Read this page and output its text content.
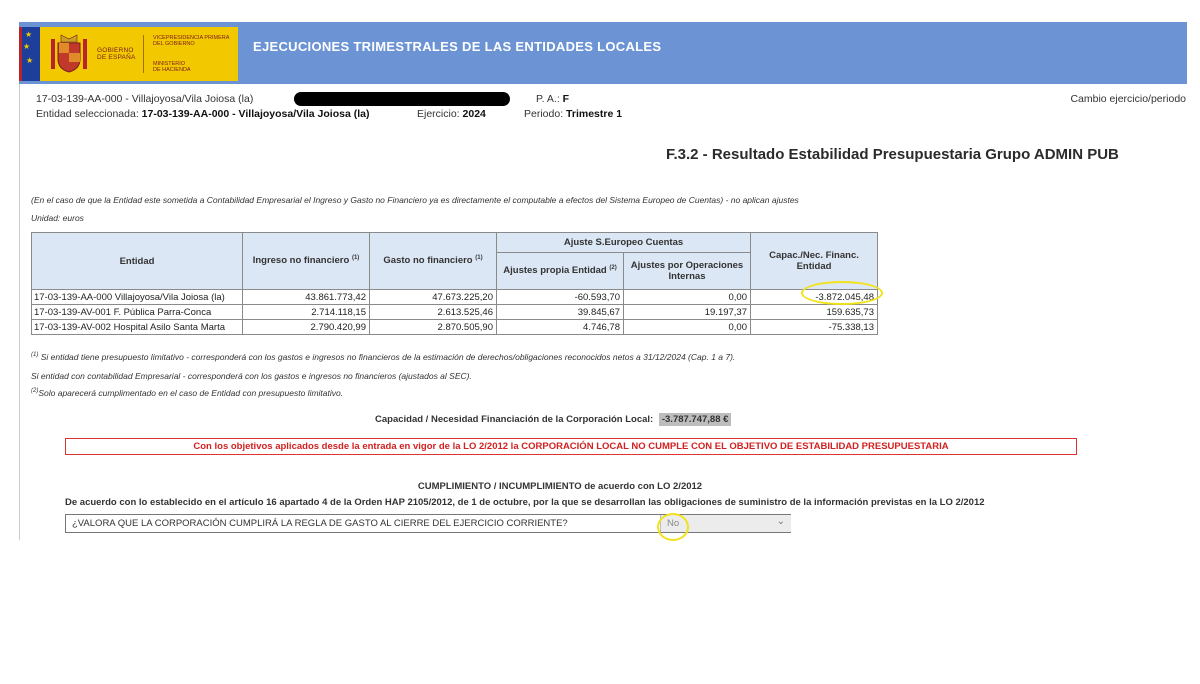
★
★
★
GOBIERNO DE ESPAÑA
VICEPRESIDENCIA PRIMERA DEL GOBIERNO
MINISTERIO DE HACIENDA
EJECUCIONES TRIMESTRALES DE LAS ENTIDADES LOCALES
17-03-139-AA-000 - Villajoyosa/Vila Joiosa (la)	P. A.: F	Cambio ejercicio/periodo
Entidad seleccionada: 17-03-139-AA-000 - Villajoyosa/Vila Joiosa (la)	Ejercicio: 2024	Periodo: Trimestre 1
F.3.2 - Resultado Estabilidad Presupuestaria Grupo ADMIN PUB
(En el caso de que la Entidad este sometida a Contabilidad Empresarial el Ingreso y Gasto no Financiero ya es directamente el computable a efectos del Sistema Europeo de Cuentas) - no aplican ajustes
Unidad: euros
Entidad	Ingreso no financiero $^{(1)}$	Gasto no financiero $^{(1)}$	Ajuste S.Europeo Cuentas		Capac./Nec. Financ. Entidad
			Ajustes propia Entidad $^{(2)}$	Ajustes por Operaciones Internas	
17-03-139-AA-000 Villajoyosa/Vila Joiosa (la)	43.861.773,42	47.673.225,20	-60.593,70	0,00	-3.872.045,48
17-03-139-AV-001 F. Pública Parra-Conca	2.714.118,15	2.613.525,46	39.845,67	19.197,37	159.635,73
17-03-139-AV-002 Hospital Asilo Santa Marta	2.790.420,99	2.870.505,90	4.746,78	0,00	-75.338,13
$^{(1)}$ Si entidad tiene presupuesto limitativo - corresponderá con los gastos e ingresos no financieros de la estimación de derechos/obligaciones reconocidos netos a 31/12/2024 (Cap. 1 a 7).
Si entidad con contabilidad Empresarial - corresponderá con los gastos e ingresos no financieros (ajustados al SEC).
$^{(2)}$Solo aparecerá cumplimentado en el caso de Entidad con presupuesto limitativo.
Capacidad / Necesidad Financiación de la Corporación Local: -3.787.747,88 €
Con los objetivos aplicados desde la entrada en vigor de la LO 2/2012 la CORPORACIÓN LOCAL NO CUMPLE CON EL OBJETIVO DE ESTABILIDAD PRESUPUESTARIA
CUMPLIMIENTO / INCUMPLIMIENTO de acuerdo con LO 2/2012
De acuerdo con lo establecido en el artículo 16 apartado 4 de la Orden HAP 2105/2012, de 1 de octubre, por la que se desarrollan las obligaciones de suministro de la información previstas en la LO 2/2012
¿VALORA QUE LA CORPORACIÓN CUMPLIRÁ LA REGLA DE GASTO AL CIERRE DEL EJERCICIO CORRIENTE?	No	⌄
